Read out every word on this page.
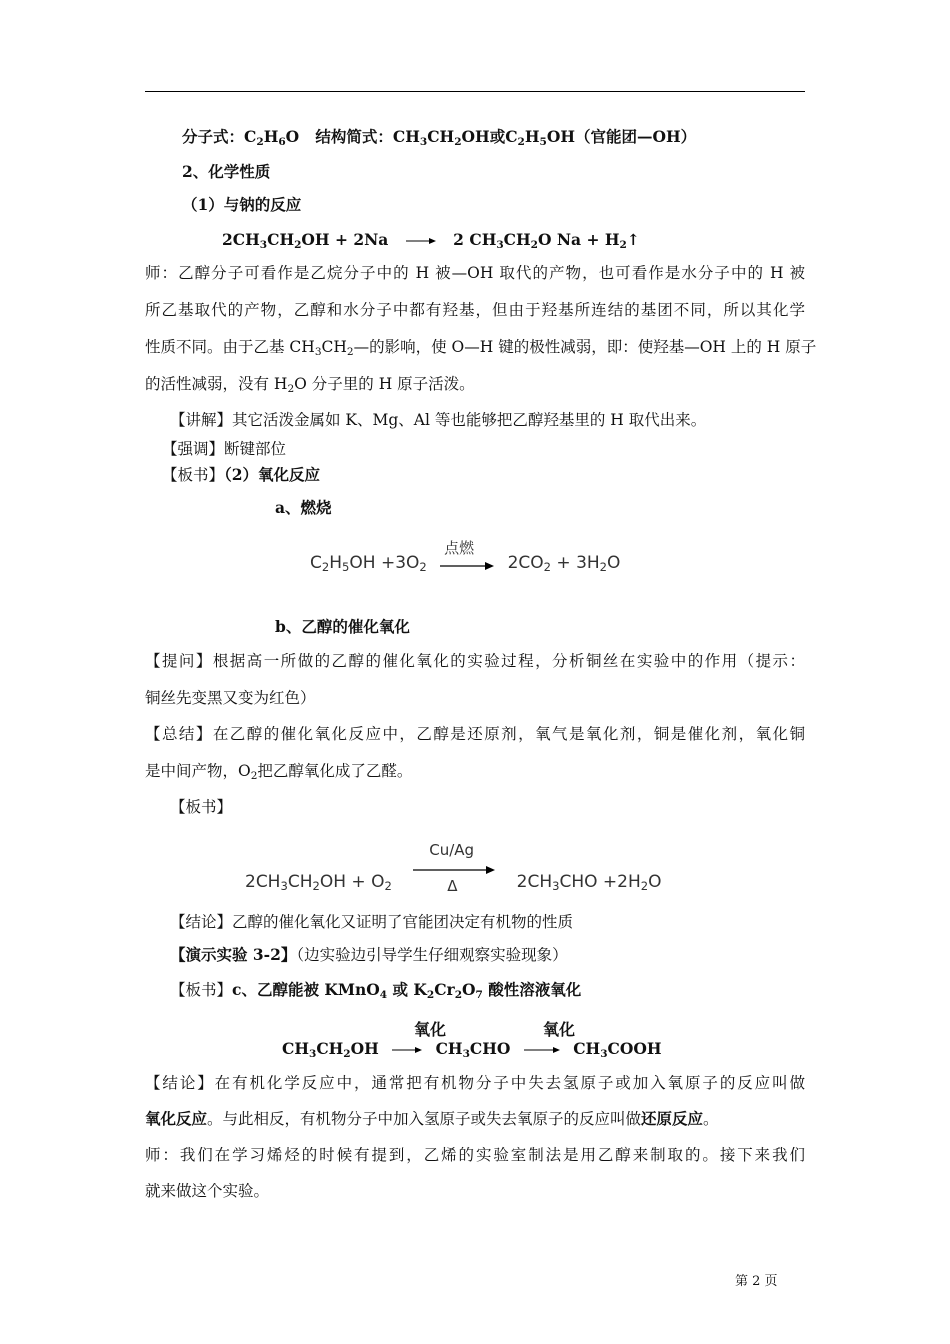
分子式：$C_2H_6O$ 结构简式：$CH_3CH_2OH$或$C_2H_5OH$（官能团—OH）
2、化学性质
（1）与钠的反应
$2CH_3CH_2OH + 2Na \to 2$ $CH_3CH_2O$ $Na + H_2↑$
师：乙醇分子可看作是乙烷分子中的 H 被—OH 取代的产物，也可看作是水分子中的 H 被
所乙基取代的产物，乙醇和水分子中都有羟基，但由于羟基所连结的基团不同，所以其化学
性质不同。由于乙基 $CH_3CH_2—$的影响，使 O—H 键的极性减弱，即：使羟基—OH 上的 H 原子
的活性减弱，没有 $H_2O$ 分子里的 H 原子活泼。
【讲解】其它活泼金属如 K、Mg、Al 等也能够把乙醇羟基里的 H 取代出来。
【强调】断键部位
【板书】（2）氧化反应
a、燃烧
$C_2H_5OH +3O_2$
点燃
$2CO_2 + 3H_2O$
b、乙醇的催化氧化
【提问】根据高一所做的乙醇的催化氧化的实验过程，分析铜丝在实验中的作用（提示：
铜丝先变黑又变为红色）
【总结】在乙醇的催化氧化反应中，乙醇是还原剂，氧气是氧化剂，铜是催化剂，氧化铜
是中间产物，$O_2$把乙醇氧化成了乙醛。
【板书】
$2CH_3CH_2OH + O_2$
Cu/Ag
Δ	$2CH_3CHO +2H_2O$
【结论】乙醇的催化氧化又证明了官能团决定有机物的性质
【演示实验 3-2】（边实验边引导学生仔细观察实验现象）
【板书】c、乙醇能被 KMnO$_4$ 或 $K_2Cr_2O_7$ 酸性溶液氧化
氧化	氧化
$CH_3CH_2OH \to CH_3CHO$ → $CH_3COOH$
【结论】在有机化学反应中，通常把有机物分子中失去氢原子或加入氧原子的反应叫做
氧化反应。与此相反，有机物分子中加入氢原子或失去氧原子的反应叫做还原反应。
师：我们在学习烯烃的时候有提到，乙烯的实验室制法是用乙醇来制取的。接下来我们
就来做这个实验。
第 2 页
